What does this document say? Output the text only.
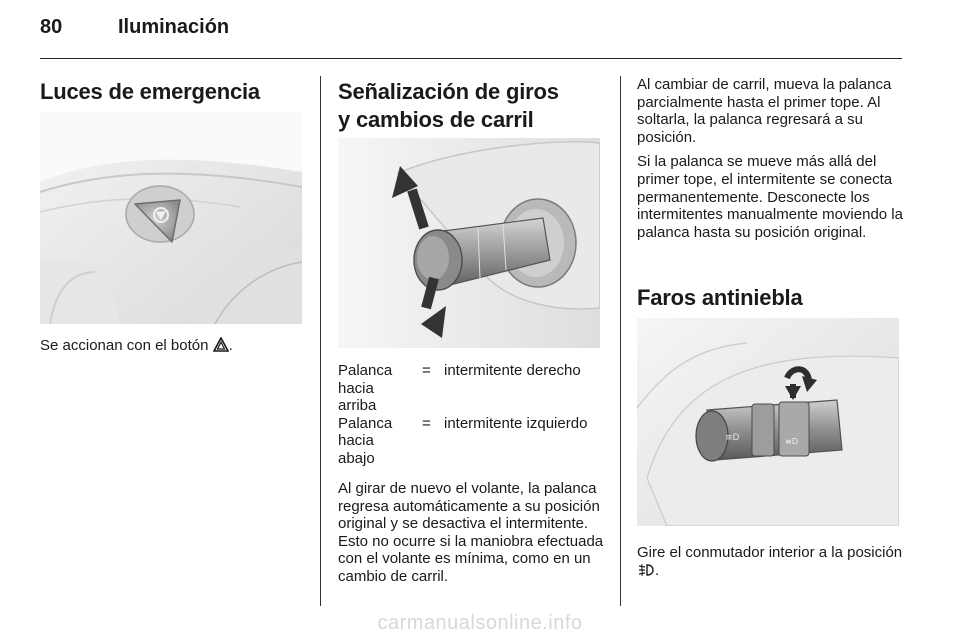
80	Iluminación
Luces de emergencia
Se accionan con el botón .
Señalización de giros
y cambios de carril
Palanca hacia arriba	=	intermitente derecho
Palanca hacia abajo	=	intermitente izquierdo

Al girar de nuevo el volante, la palanca regresa automáticamente a su posición original y se desactiva el intermitente. Esto no ocurre si la maniobra efectuada con el volante es mínima, como en un cambio de carril.

Al cambiar de carril, mueva la palanca parcialmente hasta el primer tope. Al soltarla, la palanca regresará a su posición.

Si la palanca se mueve más allá del primer tope, el intermitente se conecta permanentemente. Desconecte los intermitentes manualmente moviendo la palanca hasta su posición original.

Faros antiniebla
≡D	≡D
Gire el conmutador interior a la posición .
carmanualsonline.info
